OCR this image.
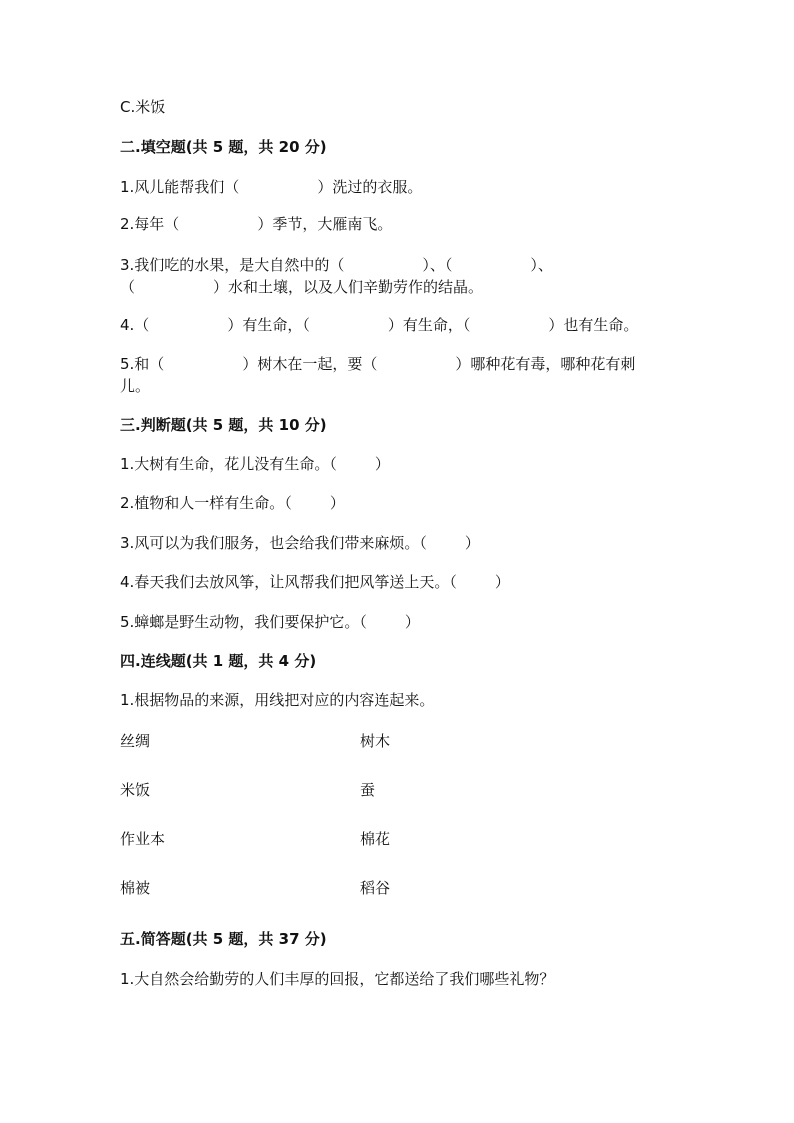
C.米饭
二.填空题(共 5 题，共 20 分)
1.风儿能帮我们（	）洗过的衣服。
2.每年（	）季节，大雁南飞。
3.我们吃的水果，是大自然中的（	）、（	）、
（	）水和土壤，以及人们辛勤劳作的结晶。
4.（	）有生命，（	）有生命，（	）也有生命。
5.和（	）树木在一起，要（	）哪种花有毒，哪种花有刺
儿。
三.判断题(共 5 题，共 10 分)
1.大树有生命，花儿没有生命。（	）
2.植物和人一样有生命。（	）
3.风可以为我们服务，也会给我们带来麻烦。（	）
4.春天我们去放风筝，让风帮我们把风筝送上天。（	）
5.蟑螂是野生动物，我们要保护它。（	）
四.连线题(共 1 题，共 4 分)
1.根据物品的来源，用线把对应的内容连起来。
丝绸	树木
米饭	蚕
作业本	棉花
棉被	稻谷
五.简答题(共 5 题，共 37 分)
1.大自然会给勤劳的人们丰厚的回报，它都送给了我们哪些礼物？
